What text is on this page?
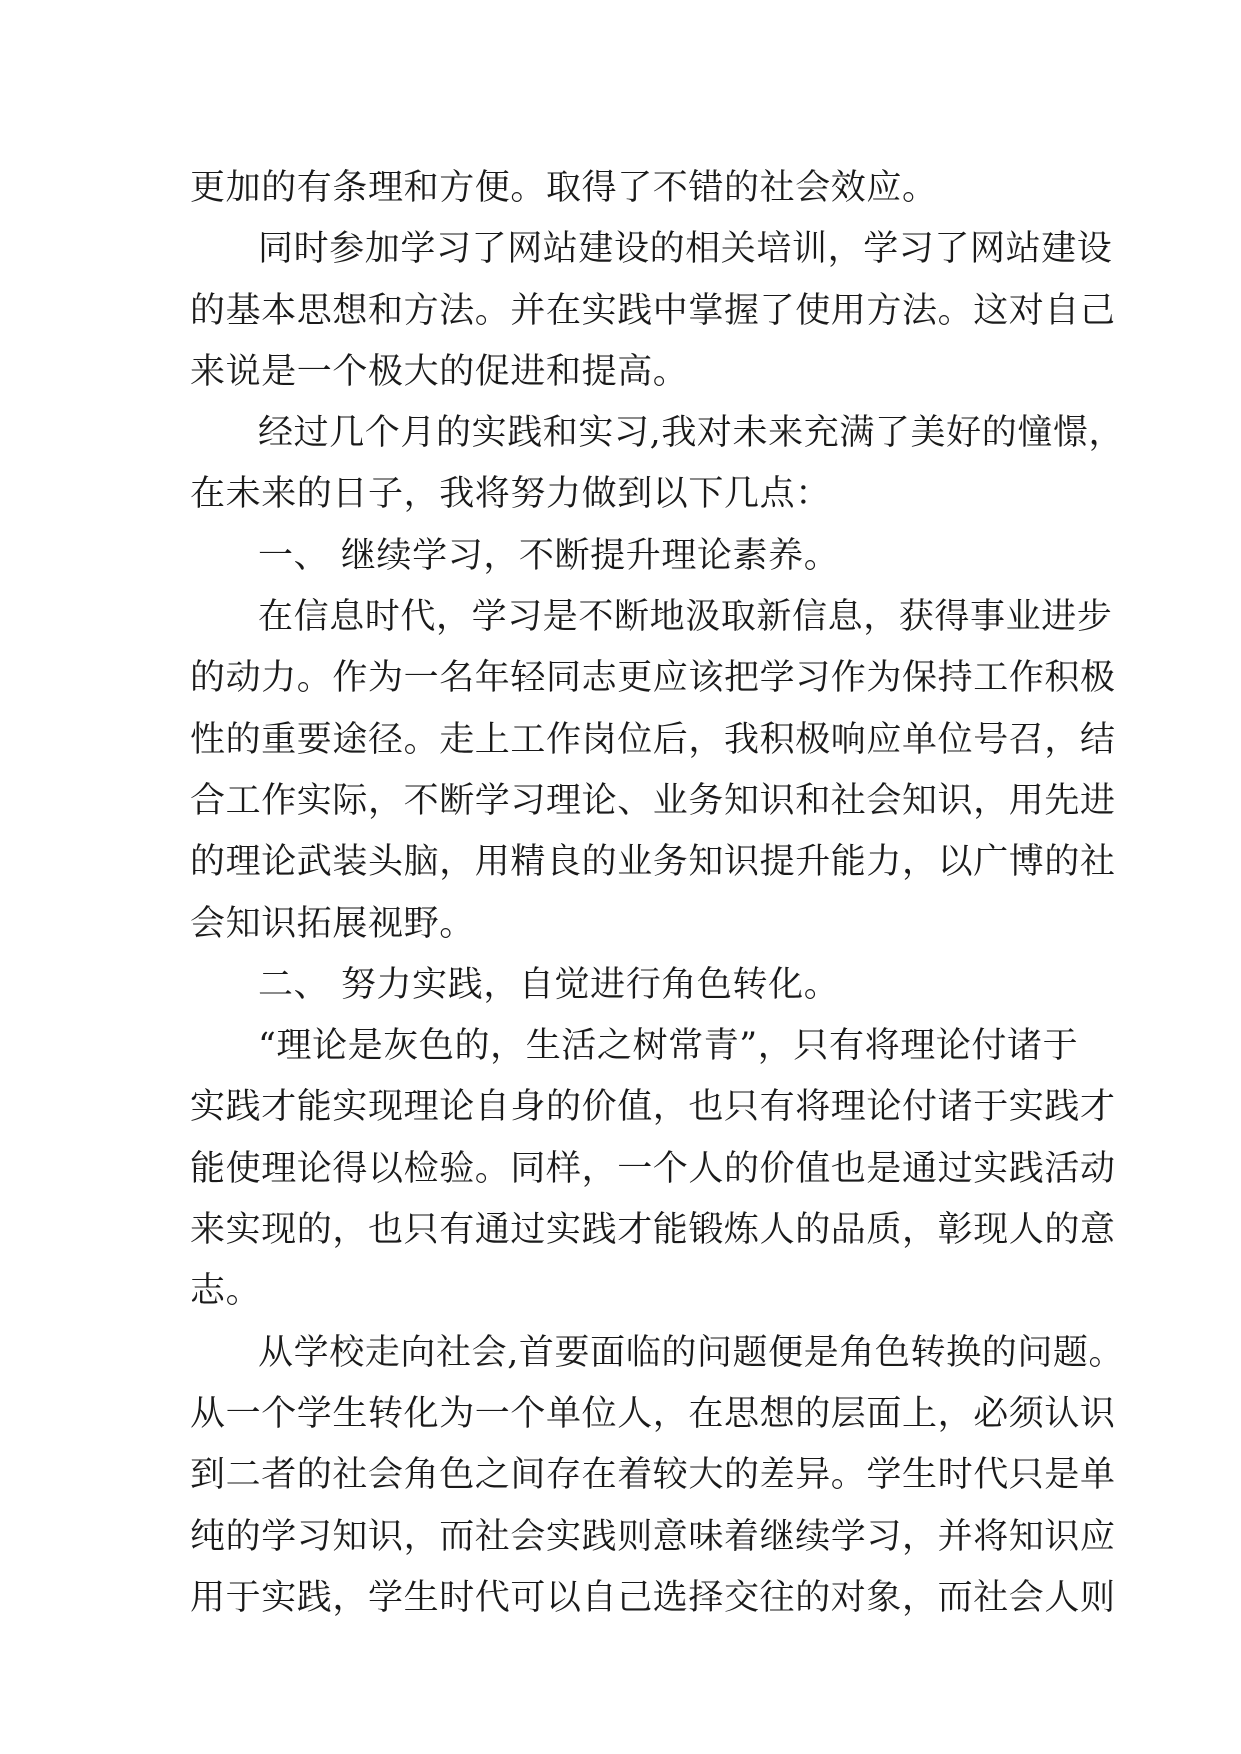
更加的有条理和方便。取得了不错的社会效应。
同时参加学习了网站建设的相关培训，学习了网站建设
的基本思想和方法。并在实践中掌握了使用方法。这对自己
来说是一个极大的促进和提高。
经过几个月的实践和实习,我对未来充满了美好的憧憬，
在未来的日子，我将努力做到以下几点：
一、 继续学习，不断提升理论素养。
在信息时代，学习是不断地汲取新信息，获得事业进步
的动力。作为一名年轻同志更应该把学习作为保持工作积极
性的重要途径。走上工作岗位后，我积极响应单位号召，结
合工作实际，不断学习理论、业务知识和社会知识，用先进
的理论武装头脑，用精良的业务知识提升能力，以广博的社
会知识拓展视野。
二、 努力实践，自觉进行角色转化。
“理论是灰色的，生活之树常青”，只有将理论付诸于
实践才能实现理论自身的价值，也只有将理论付诸于实践才
能使理论得以检验。同样，一个人的价值也是通过实践活动
来实现的，也只有通过实践才能锻炼人的品质，彰现人的意
志。
从学校走向社会,首要面临的问题便是角色转换的问题。
从一个学生转化为一个单位人，在思想的层面上，必须认识
到二者的社会角色之间存在着较大的差异。学生时代只是单
纯的学习知识，而社会实践则意味着继续学习，并将知识应
用于实践，学生时代可以自己选择交往的对象，而社会人则
